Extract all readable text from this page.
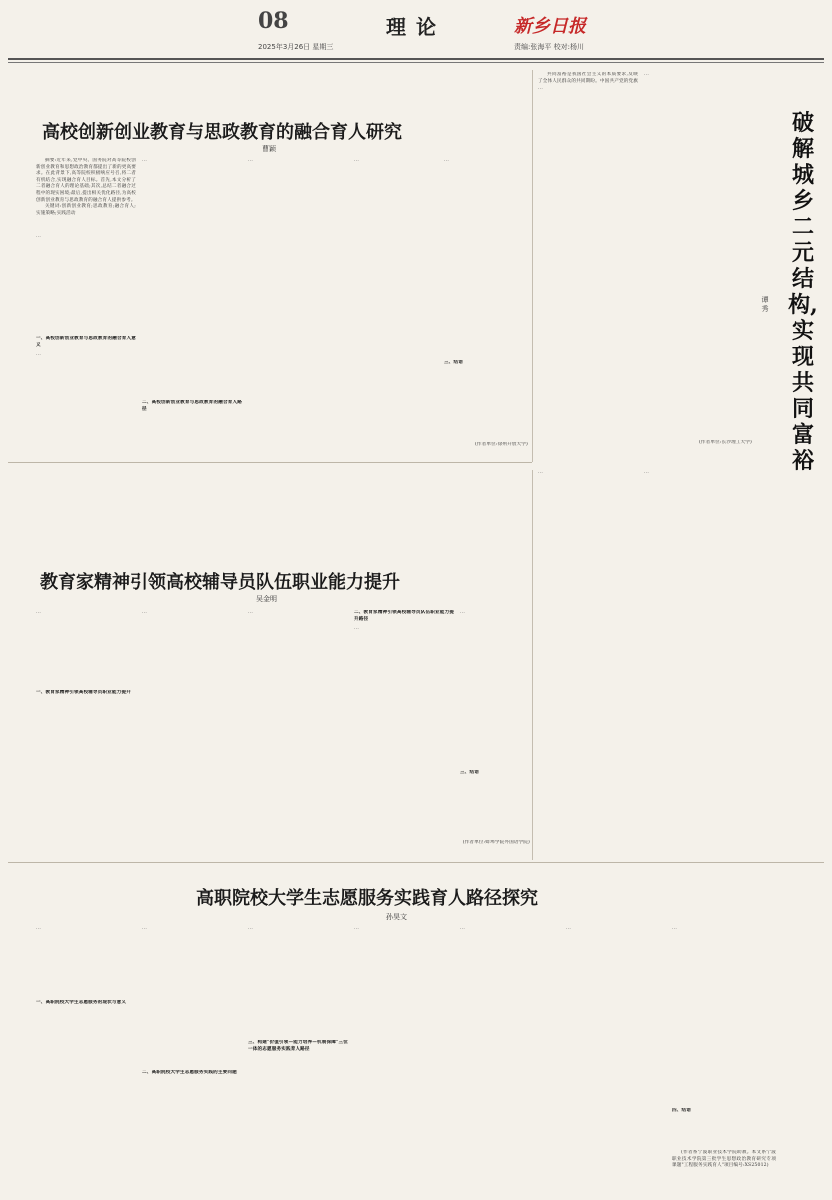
08	理论	新乡日报
2025年3月26日 星期三	责编:张海平 校对:杨川
破解城乡二元结构,实现共同富裕
谭秀

共同富裕是我国社会主义的本质要求,反映了全体人民群众的共同期盼。中国共产党的党旗

...
...
(作者单位:长沙理工大学)
高校创新创业教育与思政教育的融合育人研究
曹颖

摘要:近年来,党中央、国务院对高等院校创新创业教育和思想政治教育都提出了新的更高要求。在此背景下,高等院校积极响应号召,将二者有机结合,实现融合育人目标。首先,本文分析了二者融合育人的理论基础;其次,总结二者融合过程中的现实困境;最后,提出相关优化路径,为高校创新创业教育与思政教育的融合育人提供参考。

关键词:创新创业教育;思政教育;融合育人;实施策略;实践活动

一、高校创新创业教育与思政教育的融合育人意义
...
...
...
二、高校创新创业教育与思政教育的融合育人路径
...	...	...
三、结语
(作者单位:徐州开放大学)
教育家精神引领高校辅导员队伍职业能力提升
吴金明
...
一、教育家精神引领高校辅导员职业能力提升
...	...	二、教育家精神引领高校辅导员队伍职业能力提升路径
...
...
三、结语
(作者单位:蚌埠学院外国语学院)
...	...
高职院校大学生志愿服务实践育人路径探究
孙昊文
...
一、高职院校大学生志愿服务的现状与意义
...
二、高职院校大学生志愿服务实践的主要问题
...
三、构建"价值引领—能力培养—机制保障"三位一体的志愿服务实践育人路径
...	...	...	...
四、结语

(作者系宁波职业技术学院助教。本文系宁波职业技术学院第三批学生思想政治教育研究专项课题"工程服务实践育人"项目编号:XS25012)
